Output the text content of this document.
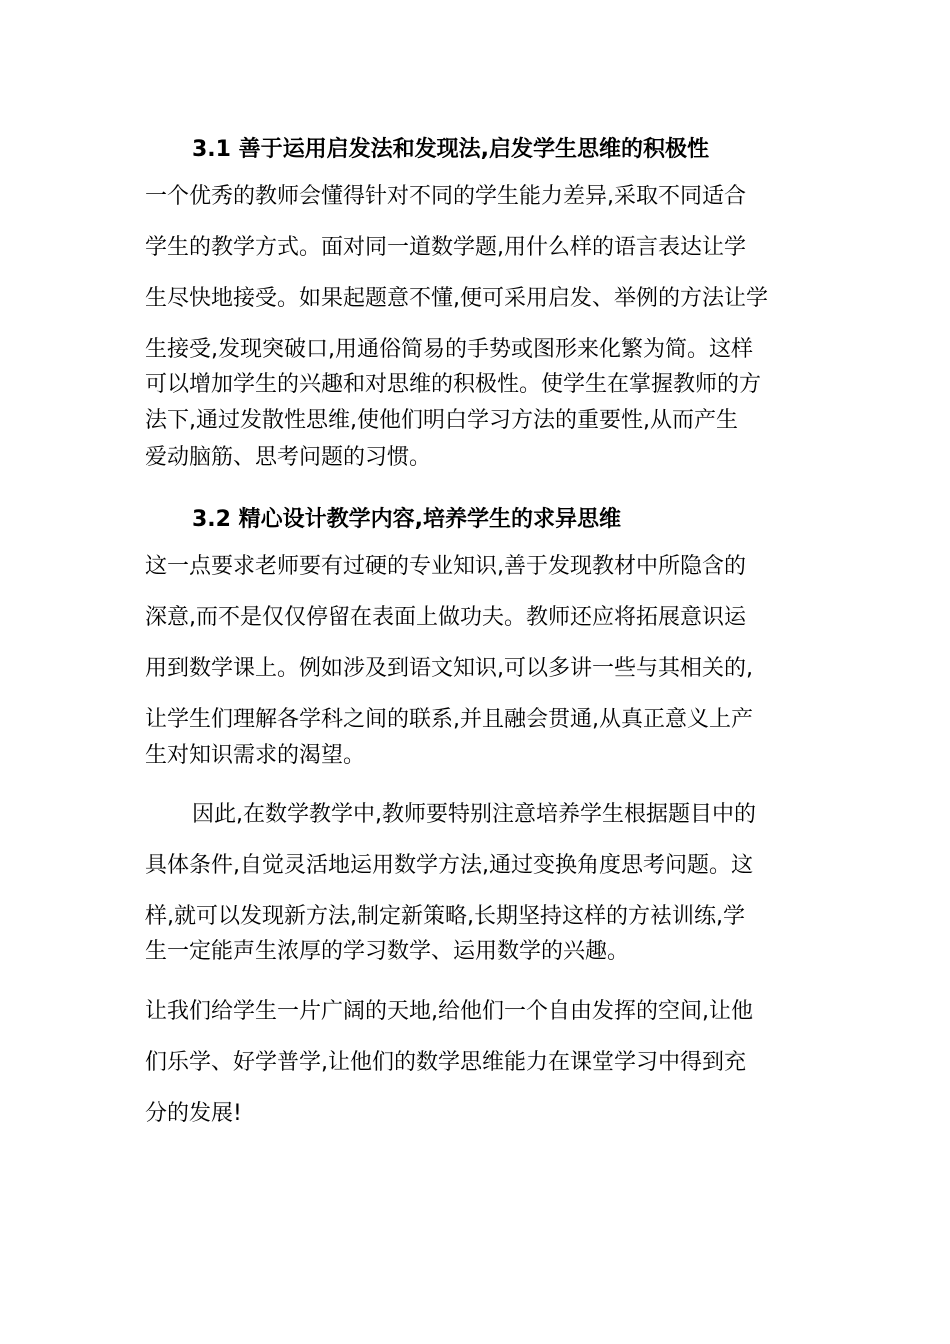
3.1 善于运用启发法和发现法,启发学生思维的积极性
一个优秀的教师会懂得针对不同的学生能力差异,采取不同适合
学生的教学方式。面对同一道数学题,用什么样的语言表达让学
生尽快地接受。如果起题意不懂,便可采用启发、举例的方法让学
生接受,发现突破口,用通俗简易的手势或图形来化繁为简。这样
可以增加学生的兴趣和对思维的积极性。使学生在掌握教师的方
法下,通过发散性思维,使他们明白学习方法的重要性,从而产生
爱动脑筋、思考问题的习惯。
3.2 精心设计教学内容,培养学生的求异思维
这一点要求老师要有过硬的专业知识,善于发现教材中所隐含的
深意,而不是仅仅停留在表面上做功夫。教师还应将拓展意识运
用到数学课上。例如涉及到语文知识,可以多讲一些与其相关的,
让学生们理解各学科之间的联系,并且融会贯通,从真正意义上产
生对知识需求的渴望。
因此,在数学教学中,教师要特别注意培养学生根据题目中的
具体条件,自觉灵活地运用数学方法,通过变换角度思考问题。这
样,就可以发现新方法,制定新策略,长期坚持这样的方袪训练,学
生一定能声生浓厚的学习数学、运用数学的兴趣。
让我们给学生一片广阔的天地,给他们一个自由发挥的空间,让他
们乐学、好学普学,让他们的数学思维能力在课堂学习中得到充
分的发展!
